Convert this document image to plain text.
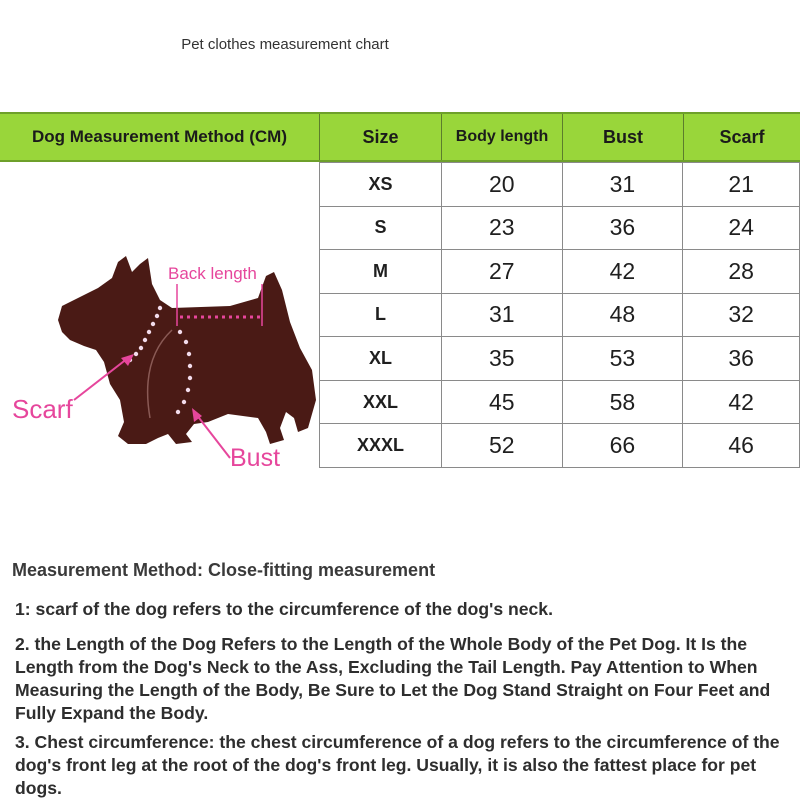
Pet clothes measurement chart
Dog Measurement Method (CM)	Size	Body length	Bust	Scarf
XS	20	31	21
S	23	36	24
M	27	42	28
L	31	48	32
XL	35	53	36
XXL	45	58	42
XXXL	52	66	46
Back length
Scarf
Bust
Measurement Method: Close-fitting measurement
1: scarf of the dog refers to the circumference of the dog's neck.
2. the Length of the Dog Refers to the Length of the Whole Body of the Pet Dog. It Is the Length from the Dog's Neck to the Ass, Excluding the Tail Length. Pay Attention to When Measuring the Length of the Body, Be Sure to Let the Dog Stand Straight on Four Feet and Fully Expand the Body.
3. Chest circumference: the chest circumference of a dog refers to the circumference of the dog's front leg at the root of the dog's front leg. Usually, it is also the fattest place for pet dogs.
